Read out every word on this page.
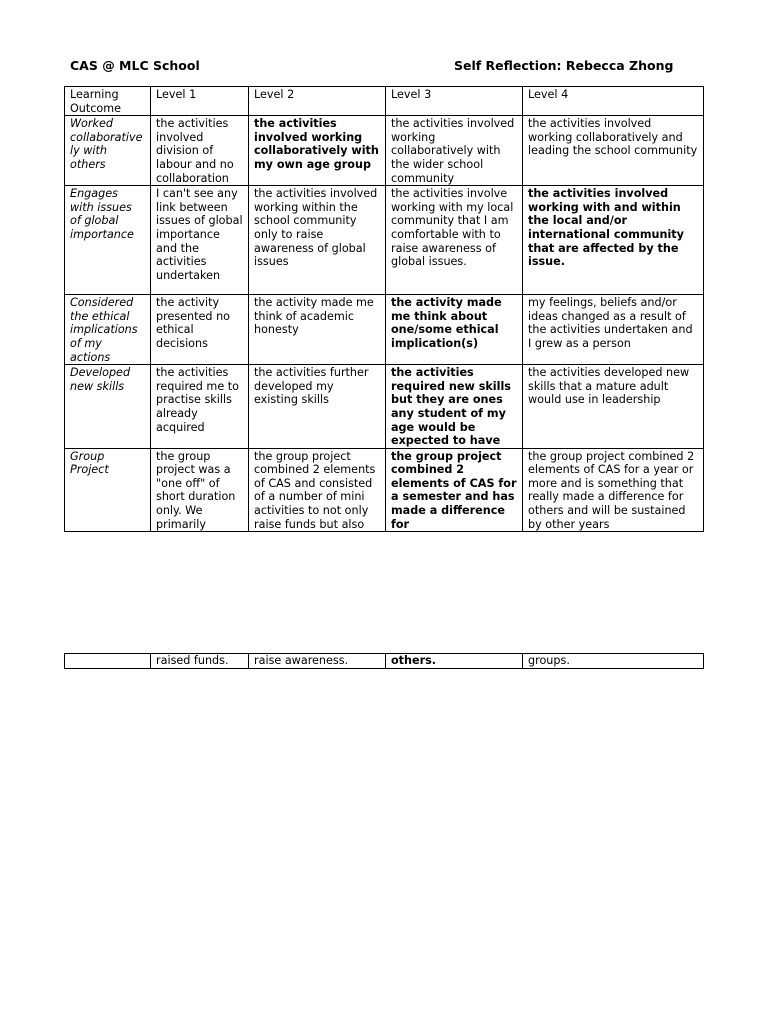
CAS @ MLC School	Self Reflection: Rebecca Zhong
Learning Outcome	Level 1	Level 2	Level 3	Level 4
Worked collaboratively with others	the activities involved division of labour and no collaboration	the activities involved working collaboratively with my own age group	the activities involved working collaboratively with the wider school community	the activities involved working collaboratively and leading the school community
Engages with issues of global importance	I can't see any link between issues of global importance and the activities undertaken	the activities involved working within the school community only to raise awareness of global issues	the activities involve working with my local community that I am comfortable with to raise awareness of global issues.	the activities involved working with and within the local and/or international community that are affected by the issue.
Considered the ethical implications of my actions	the activity presented no ethical decisions	the activity made me think of academic honesty	the activity made me think about one/some ethical implication(s)	my feelings, beliefs and/or ideas changed as a result of the activities undertaken and I grew as a person
Developed new skills	the activities required me to practise skills already acquired	the activities further developed my existing skills	the activities required new skills but they are ones any student of my age would be expected to have	the activities developed new skills that a mature adult would use in leadership
Group Project	the group project was a "one off" of short duration only. We primarily	the group project combined 2 elements of CAS and consisted of a number of mini activities to not only raise funds but also	the group project combined 2 elements of CAS for a semester and has made a difference for	the group project combined 2 elements of CAS for a year or more and is something that really made a difference for others and will be sustained by other years
	raised funds.	raise awareness.	others.	groups.
